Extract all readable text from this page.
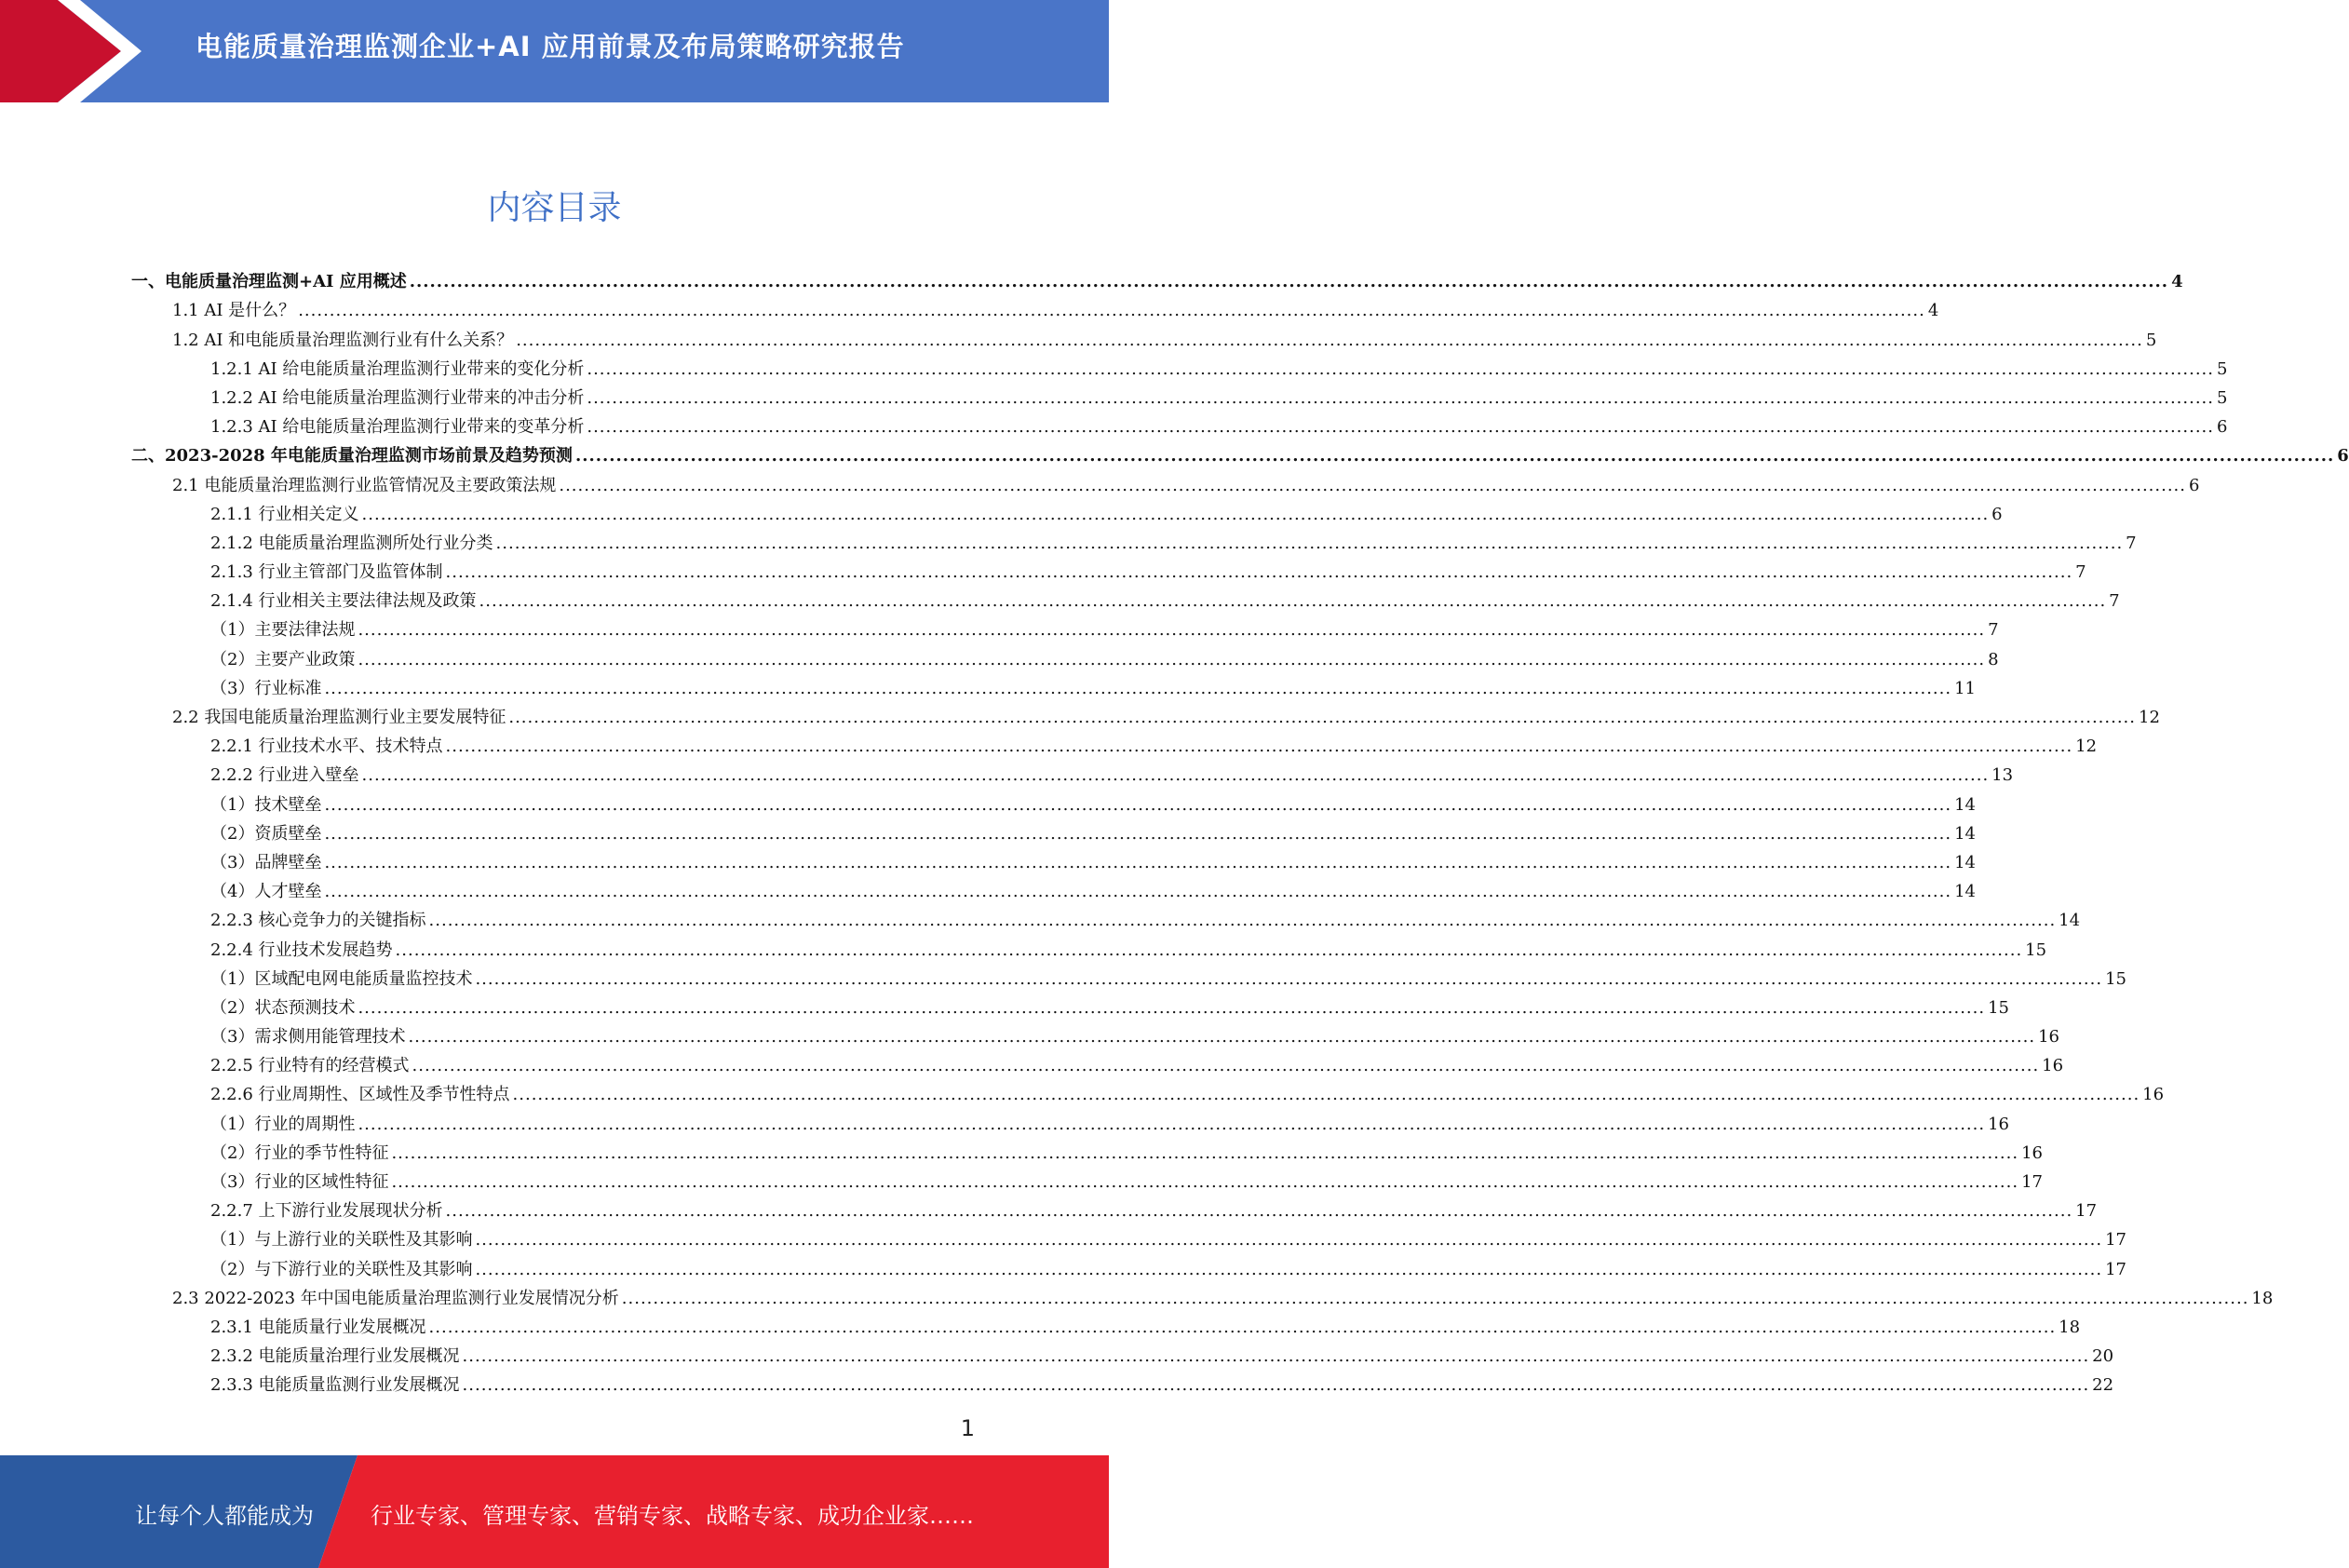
电能质量治理监测企业+AI 应用前景及布局策略研究报告
内容目录
一、电能质量治理监测+AI 应用概述 .................................................................................................................................................................................................................................................................... 4
1.1 AI 是什么？ .................................................................................................................................................................................................................................................................... 4
1.2 AI 和电能质量治理监测行业有什么关系？ .................................................................................................................................................................................................................................................................... 5
1.2.1 AI 给电能质量治理监测行业带来的变化分析 .................................................................................................................................................................................................................................................................... 5
1.2.2 AI 给电能质量治理监测行业带来的冲击分析 .................................................................................................................................................................................................................................................................... 5
1.2.3 AI 给电能质量治理监测行业带来的变革分析 .................................................................................................................................................................................................................................................................... 6
二、2023-2028 年电能质量治理监测市场前景及趋势预测 .................................................................................................................................................................................................................................................................... 6
2.1 电能质量治理监测行业监管情况及主要政策法规 .................................................................................................................................................................................................................................................................... 6
2.1.1 行业相关定义 .................................................................................................................................................................................................................................................................... 6
2.1.2 电能质量治理监测所处行业分类 .................................................................................................................................................................................................................................................................... 7
2.1.3 行业主管部门及监管体制 .................................................................................................................................................................................................................................................................... 7
2.1.4 行业相关主要法律法规及政策 .................................................................................................................................................................................................................................................................... 7
（1）主要法律法规 .................................................................................................................................................................................................................................................................... 7
（2）主要产业政策 .................................................................................................................................................................................................................................................................... 8
（3）行业标准 .................................................................................................................................................................................................................................................................... 11
2.2 我国电能质量治理监测行业主要发展特征 .................................................................................................................................................................................................................................................................... 12
2.2.1 行业技术水平、技术特点 .................................................................................................................................................................................................................................................................... 12
2.2.2 行业进入壁垒 .................................................................................................................................................................................................................................................................... 13
（1）技术壁垒 .................................................................................................................................................................................................................................................................... 14
（2）资质壁垒 .................................................................................................................................................................................................................................................................... 14
（3）品牌壁垒 .................................................................................................................................................................................................................................................................... 14
（4）人才壁垒 .................................................................................................................................................................................................................................................................... 14
2.2.3 核心竞争力的关键指标 .................................................................................................................................................................................................................................................................... 14
2.2.4 行业技术发展趋势 .................................................................................................................................................................................................................................................................... 15
（1）区域配电网电能质量监控技术 .................................................................................................................................................................................................................................................................... 15
（2）状态预测技术 .................................................................................................................................................................................................................................................................... 15
（3）需求侧用能管理技术 .................................................................................................................................................................................................................................................................... 16
2.2.5 行业特有的经营模式 .................................................................................................................................................................................................................................................................... 16
2.2.6 行业周期性、区域性及季节性特点 .................................................................................................................................................................................................................................................................... 16
（1）行业的周期性 .................................................................................................................................................................................................................................................................... 16
（2）行业的季节性特征 .................................................................................................................................................................................................................................................................... 16
（3）行业的区域性特征 .................................................................................................................................................................................................................................................................... 17
2.2.7 上下游行业发展现状分析 .................................................................................................................................................................................................................................................................... 17
（1）与上游行业的关联性及其影响 .................................................................................................................................................................................................................................................................... 17
（2）与下游行业的关联性及其影响 .................................................................................................................................................................................................................................................................... 17
2.3 2022-2023 年中国电能质量治理监测行业发展情况分析 .................................................................................................................................................................................................................................................................... 18
2.3.1 电能质量行业发展概况 .................................................................................................................................................................................................................................................................... 18
2.3.2 电能质量治理行业发展概况 .................................................................................................................................................................................................................................................................... 20
2.3.3 电能质量监测行业发展概况 .................................................................................................................................................................................................................................................................... 22
1
让每个人都能成为	行业专家、管理专家、营销专家、战略专家、成功企业家……
